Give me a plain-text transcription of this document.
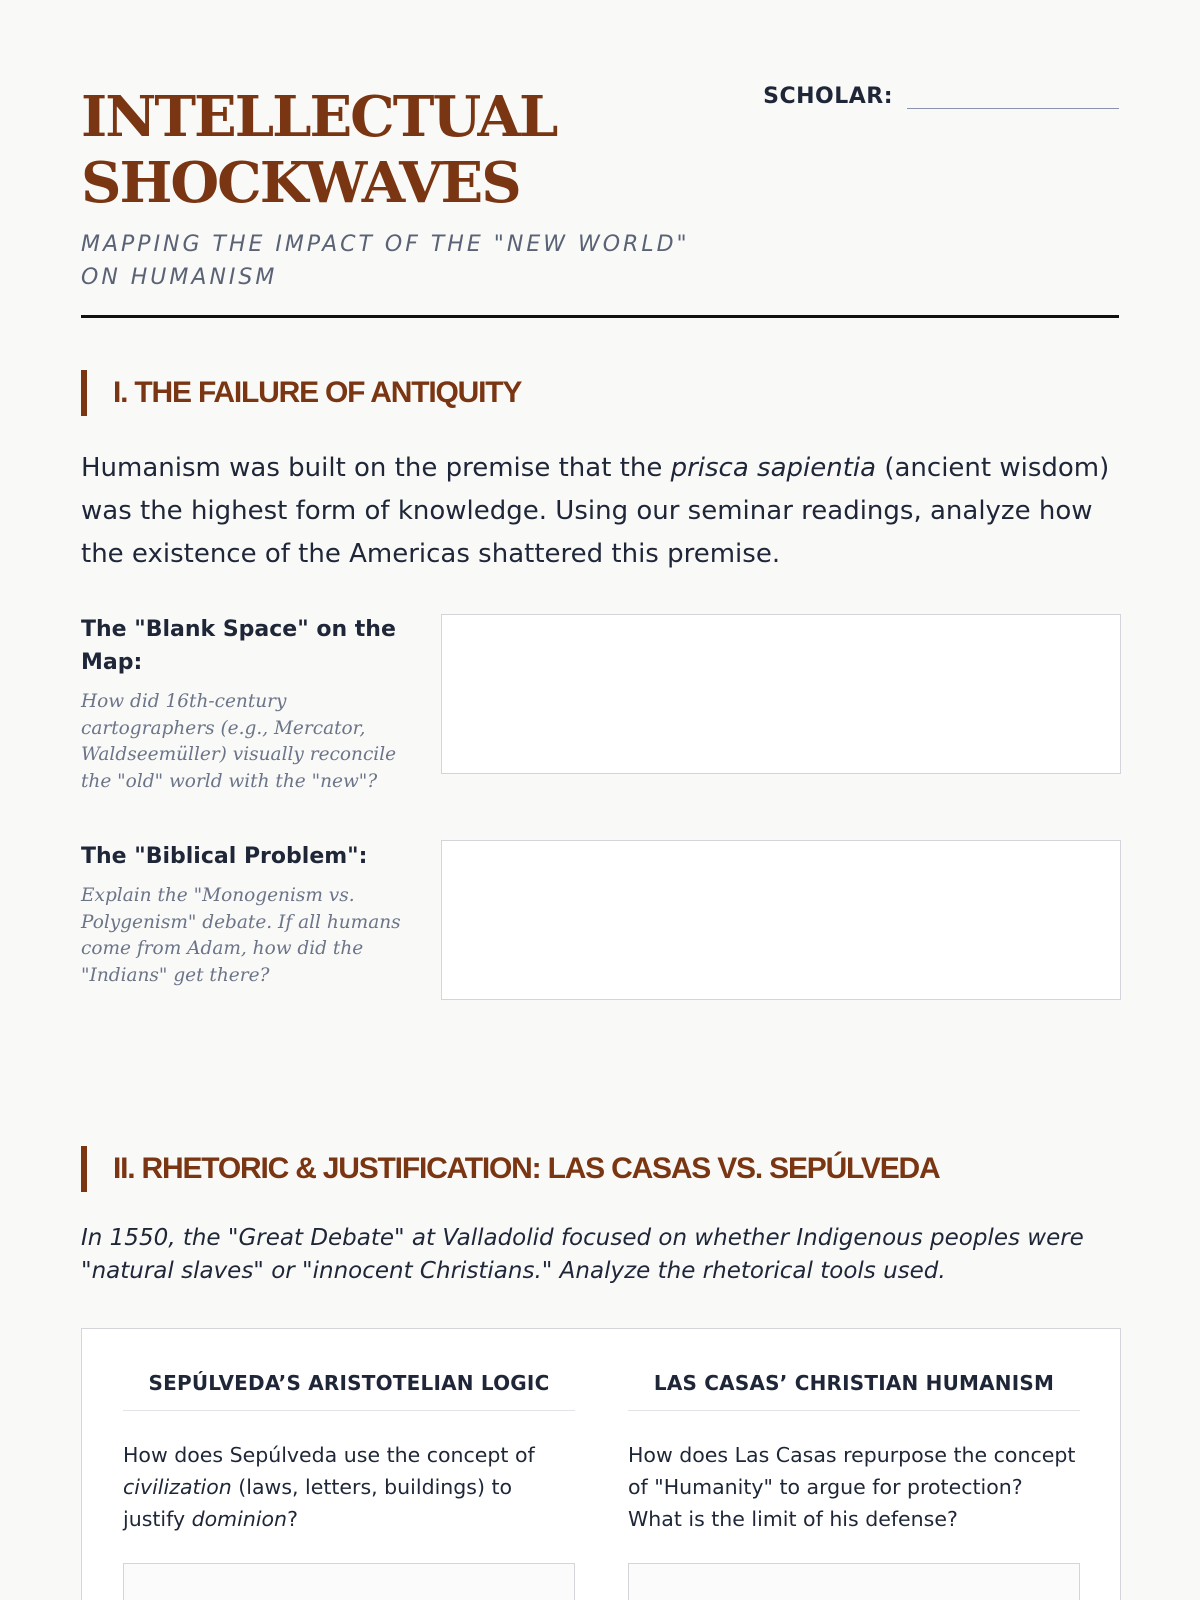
INTELLECTUAL
SHOCKWAVES
MAPPING THE IMPACT OF THE "NEW WORLD" ON HUMANISM
SCHOLAR:
I. THE FAILURE OF ANTIQUITY

Humanism was built on the premise that the prisca sapientia (ancient wisdom) was the highest form of knowledge. Using our seminar readings, analyze how the existence of the Americas shattered this premise.

The "Blank Space" on the Map:
How did 16th-century cartographers (e.g., Mercator, Waldseemüller) visually reconcile the "old" world with the "new"?
The "Biblical Problem":
Explain the "Monogenism vs. Polygenism" debate. If all humans come from Adam, how did the "Indians" get there?
II. RHETORIC & JUSTIFICATION: LAS CASAS VS. SEPÚLVEDA

In 1550, the "Great Debate" at Valladolid focused on whether Indigenous peoples were "natural slaves" or "innocent Christians." Analyze the rhetorical tools used.

SEPÚLVEDA’S ARISTOTELIAN LOGIC

How does Sepúlveda use the concept of civilization (laws, letters, buildings) to justify dominion?

LAS CASAS’ CHRISTIAN HUMANISM

How does Las Casas repurpose the concept of "Humanity" to argue for protection? What is the limit of his defense?
